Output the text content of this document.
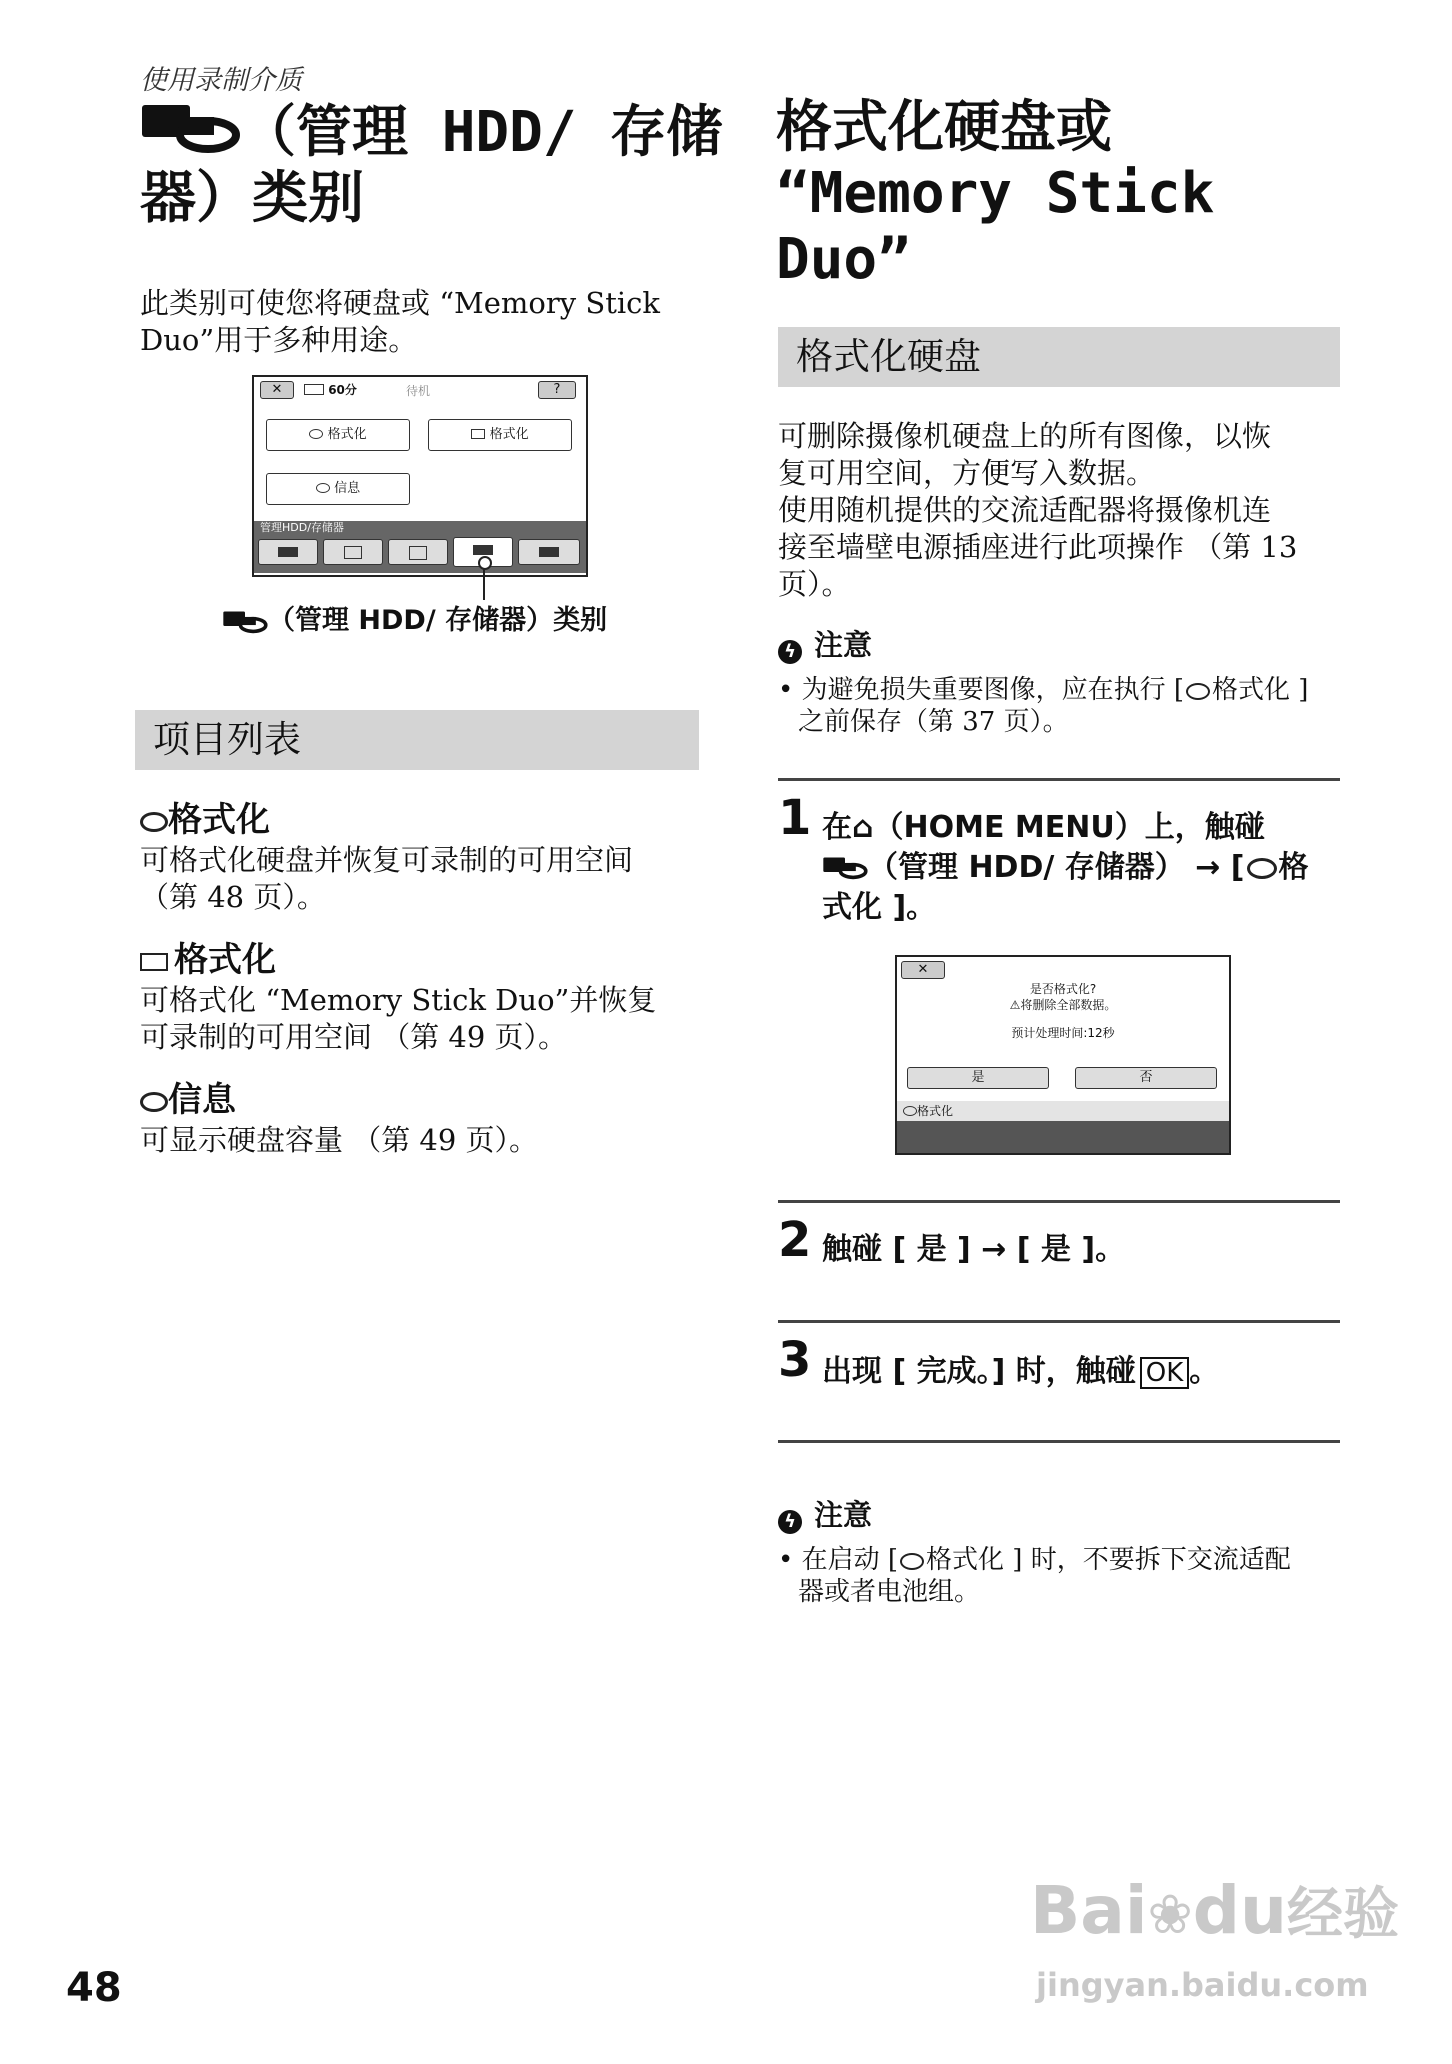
使用录制介质
（管理 HDD/ 存储
器）类别
此类别可使您将硬盘或 “Memory Stick
Duo”用于多种用途。
✕	60分	待机	?
格式化	格式化
信息
管理HDD/存储器
（管理 HDD/ 存储器）类别
项目列表
格式化
可格式化硬盘并恢复可录制的可用空间
（第 48 页）。
格式化
可格式化 “Memory Stick Duo”并恢复
可录制的可用空间 （第 49 页）。
信息
可显示硬盘容量 （第 49 页）。
格式化硬盘或
“Memory Stick
Duo”
格式化硬盘
可删除摄像机硬盘上的所有图像，以恢
复可用空间，方便写入数据。
使用随机提供的交流适配器将摄像机连
接至墙壁电源插座进行此项操作 （第 13
页）。
ϟ 注意
• 为避免损失重要图像，应在执行 [ 格式化 ]
之前保存（第 37 页）。
1 在⌂（HOME MENU）上，触碰
（管理 HDD/ 存储器） → [ 格
式化 ]。
✕
是否格式化?
⚠将删除全部数据。
预计处理时间:12秒
是	否
格式化
2 触碰 [ 是 ] → [ 是 ]。
3 出现 [ 完成。] 时，触碰 OK 。
ϟ 注意
• 在启动 [ 格式化 ] 时，不要拆下交流适配
器或者电池组。
48
Bai❀du经验
jingyan.baidu.com
